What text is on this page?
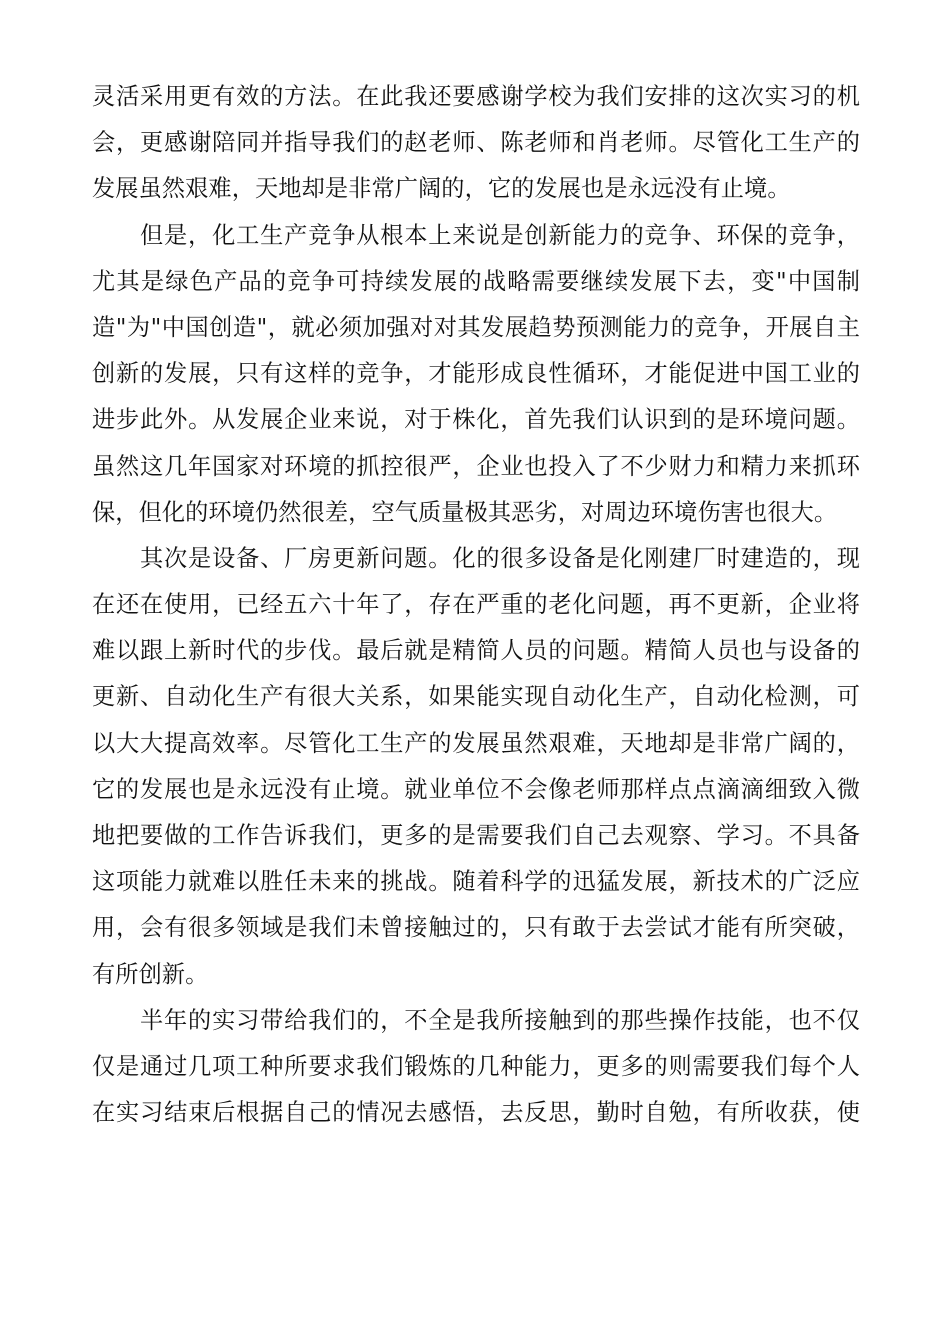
灵活采用更有效的方法。在此我还要感谢学校为我们安排的这次实习的机
会，更感谢陪同并指导我们的赵老师、陈老师和肖老师。尽管化工生产的
发展虽然艰难，天地却是非常广阔的，它的发展也是永远没有止境。
但是，化工生产竞争从根本上来说是创新能力的竞争、环保的竞争，
尤其是绿色产品的竞争可持续发展的战略需要继续发展下去，变"中国制
造"为"中国创造"，就必须加强对对其发展趋势预测能力的竞争，开展自主
创新的发展，只有这样的竞争，才能形成良性循环，才能促进中国工业的
进步此外。从发展企业来说，对于株化，首先我们认识到的是环境问题。
虽然这几年国家对环境的抓控很严，企业也投入了不少财力和精力来抓环
保，但化的环境仍然很差，空气质量极其恶劣，对周边环境伤害也很大。
其次是设备、厂房更新问题。化的很多设备是化刚建厂时建造的，现
在还在使用，已经五六十年了，存在严重的老化问题，再不更新，企业将
难以跟上新时代的步伐。最后就是精简人员的问题。精简人员也与设备的
更新、自动化生产有很大关系，如果能实现自动化生产，自动化检测，可
以大大提高效率。尽管化工生产的发展虽然艰难，天地却是非常广阔的，
它的发展也是永远没有止境。就业单位不会像老师那样点点滴滴细致入微
地把要做的工作告诉我们，更多的是需要我们自己去观察、学习。不具备
这项能力就难以胜任未来的挑战。随着科学的迅猛发展，新技术的广泛应
用，会有很多领域是我们未曾接触过的，只有敢于去尝试才能有所突破，
有所创新。
半年的实习带给我们的，不全是我所接触到的那些操作技能，也不仅
仅是通过几项工种所要求我们锻炼的几种能力，更多的则需要我们每个人
在实习结束后根据自己的情况去感悟，去反思，勤时自勉，有所收获，使
